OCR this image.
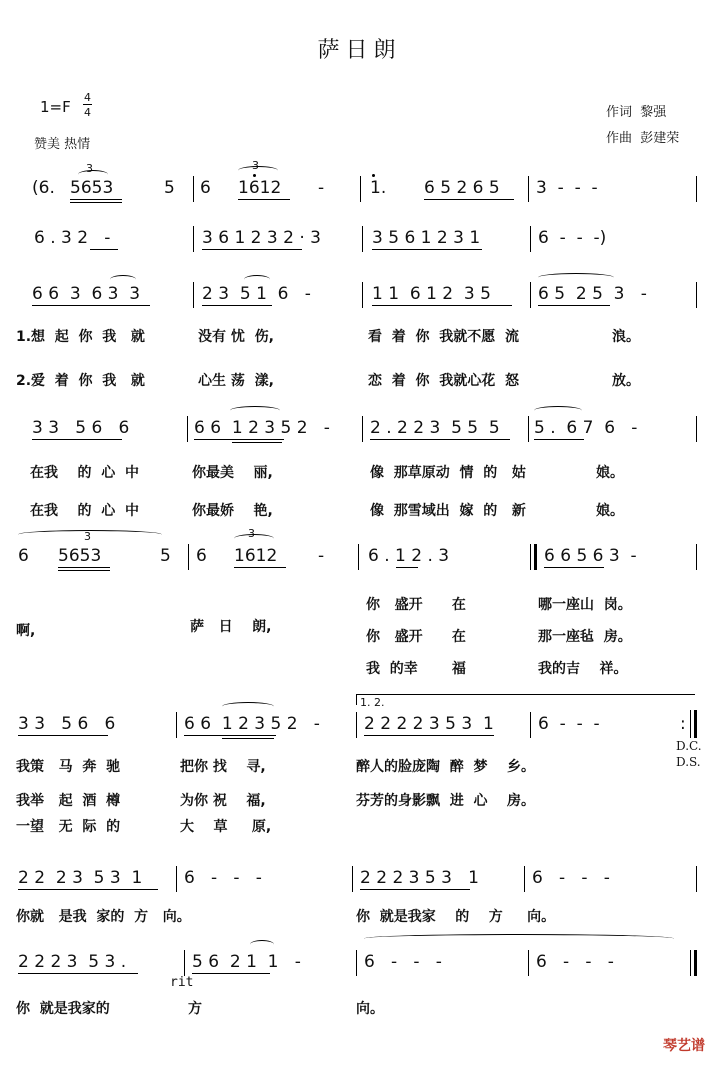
萨日朗
1=F
4
4
赞美 热情
作词  黎强
作曲  彭建荣
(6.
3
5653	5 6
3
1612 -	1. 6 5 2 6 5 3  -  -  -
6 . 3 2   -	3 6 1 2 3 2 · 3	3 5 6 1 2 3 1	6  -  -  -)
6 6  3  6 3  3	2 3  5 1  6   -	1 1  6 1 2  3 5	6 5  2 5  3   -
1.想  起  你  我   就	没有 忧  伤,	看  着  你  我就不愿  流	浪。
2.爱  着  你  我   就	心生 荡  漾,	恋  着  你  我就心花  怒	放。
3 3   5 6   6	6 6  1 2 3 5 2   - 2 . 2 2 3  5 5  5 5 .  6 7  6   -
在我    的  心  中	你最美    丽,	像  那草原动  情  的   姑	娘。
在我    的  心  中	你最娇    艳,	像  那雪域出  嫁  的   新	娘。
6
3
5653	5 6
3
1612 -	6 . 1 2 . 3	6 6 5 6 3  -
啊,	萨   日    朗,
你   盛开      在	哪一座山  岗。
你   盛开      在	那一座毡  房。
我  的幸       福	我的吉    祥。
1. 2.
3 3   5 6   6	6 6  1 2 3 5 2   -	2 2 2 2 3 5 3  1	6  -  -  -	:
D.C.
D.S.
我策   马  奔  驰	把你 找    寻,	醉人的脸庞陶  醉  梦    乡。
我举   起  酒  樽	为你 祝    福,	芬芳的身影飘  进  心    房。
一望   无  际  的	大    草     原,
2 2  2 3  5 3  1 6   -   -   -	2 2 2 3 5 3   1	6   -   -   -
你就   是我  家的  方   向。	你  就是我家    的    方     向。
2 2 2 3  5 3 .	5 6  2 1  1   -
rit
6   -   -   -	6   -   -   -
你  就是我家的	方	向。
琴艺谱
